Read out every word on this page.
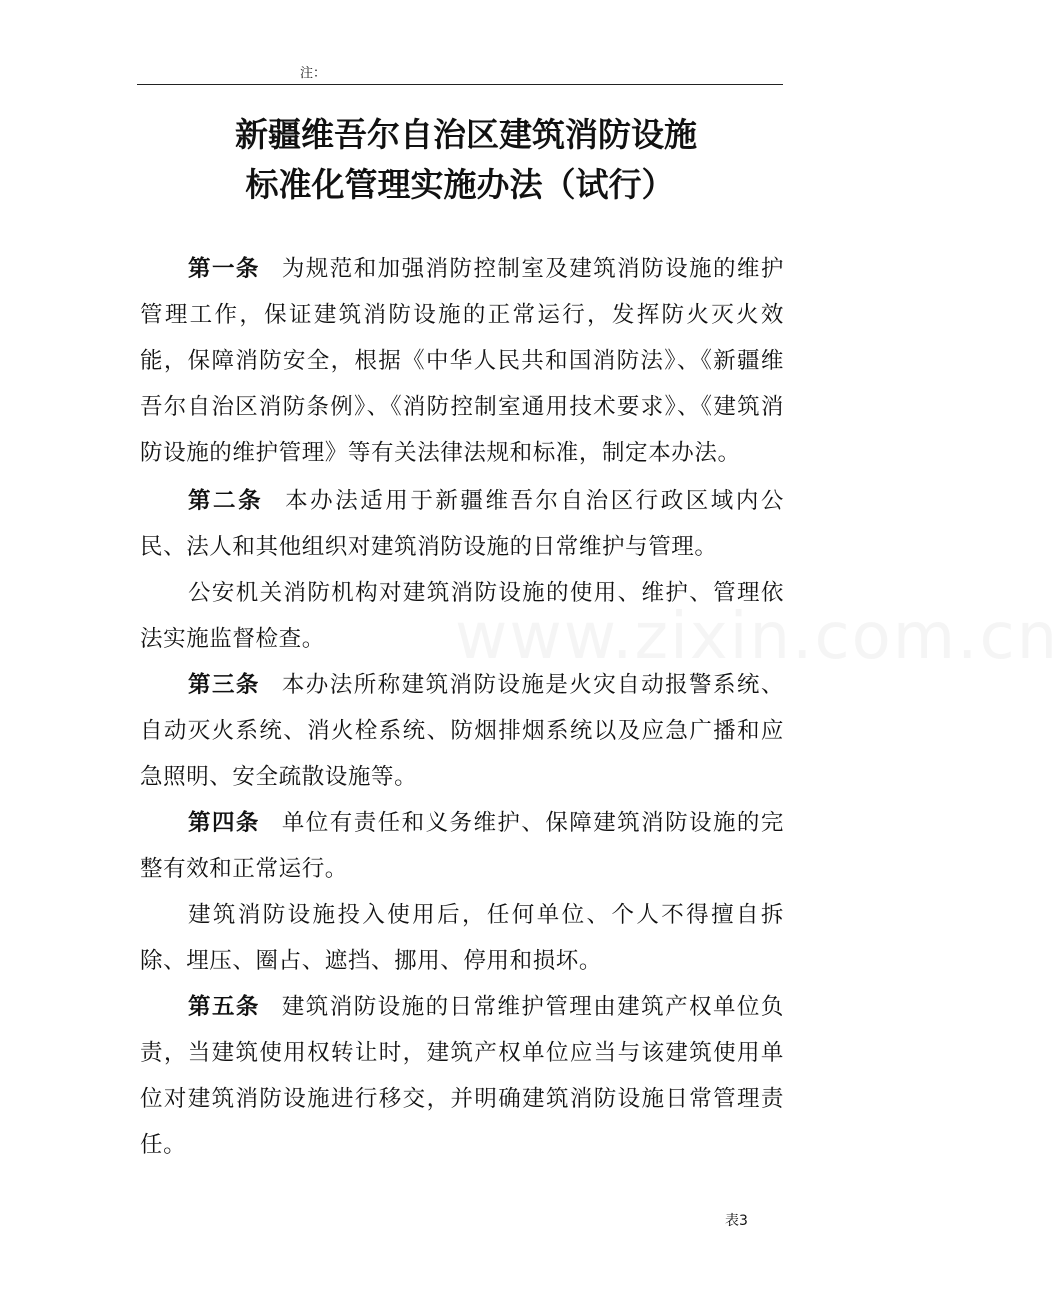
注：
www.zixin.com.cn
新疆维吾尔自治区建筑消防设施
标准化管理实施办法（试行）

第一条 为规范和加强消防控制室及建筑消防设施的维护管理工作，保证建筑消防设施的正常运行，发挥防火灭火效能，保障消防安全，根据《中华人民共和国消防法》、《新疆维吾尔自治区消防条例》、《消防控制室通用技术要求》、《建筑消防设施的维护管理》等有关法律法规和标准，制定本办法。

第二条 本办法适用于新疆维吾尔自治区行政区域内公民、法人和其他组织对建筑消防设施的日常维护与管理。

公安机关消防机构对建筑消防设施的使用、维护、管理依法实施监督检查。

第三条 本办法所称建筑消防设施是火灾自动报警系统、自动灭火系统、消火栓系统、防烟排烟系统以及应急广播和应急照明、安全疏散设施等。

第四条 单位有责任和义务维护、保障建筑消防设施的完整有效和正常运行。

建筑消防设施投入使用后，任何单位、个人不得擅自拆除、埋压、圈占、遮挡、挪用、停用和损坏。

第五条 建筑消防设施的日常维护管理由建筑产权单位负责，当建筑使用权转让时，建筑产权单位应当与该建筑使用单位对建筑消防设施进行移交，并明确建筑消防设施日常管理责任。

表3
